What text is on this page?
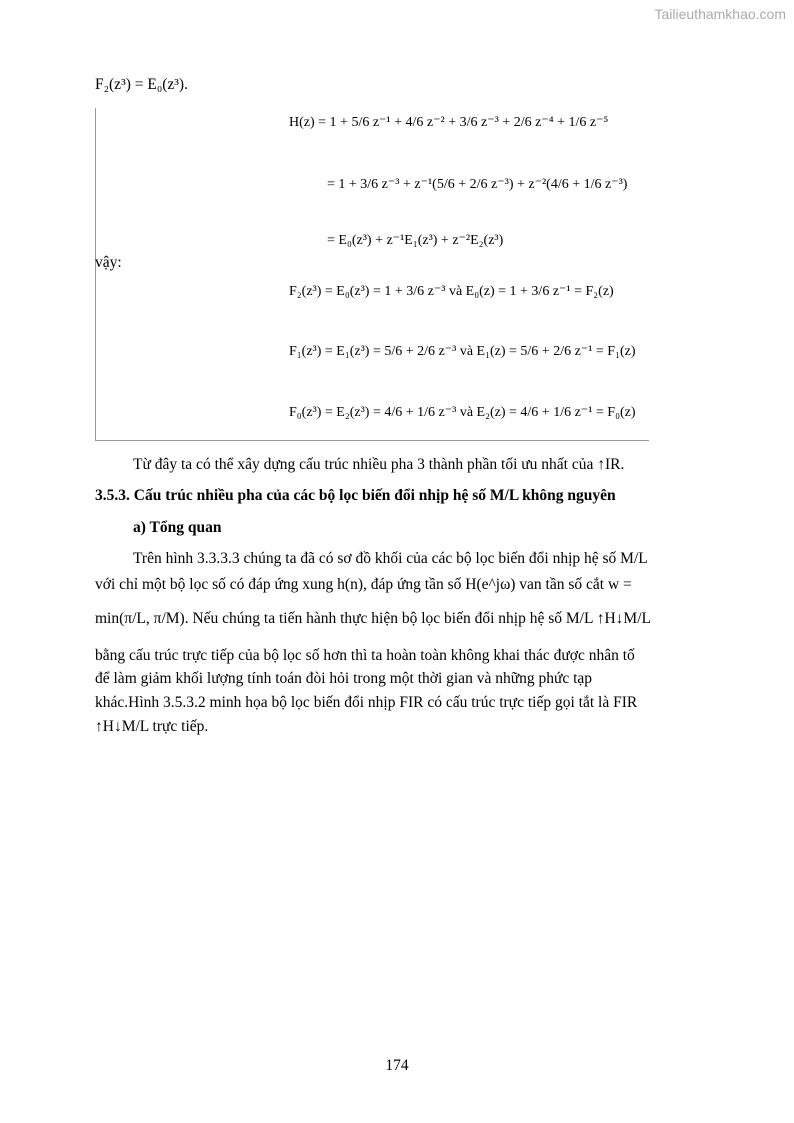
Tailieuthamkhao.com
F₂(z³) = E₀(z³).
vậy:
H(z) = 1 + 5/6 z⁻¹ + 4/6 z⁻² + 3/6 z⁻³ + 2/6 z⁻⁴ + 1/6 z⁻⁵
= 1 + 3/6 z⁻³ + z⁻¹(5/6 + 2/6 z⁻³) + z⁻²(4/6 + 1/6 z⁻³)
= E₀(z³) + z⁻¹E₁(z³) + z⁻²E₂(z³)
F₂(z³) = E₀(z³) = 1 + 3/6 z⁻³ và E₀(z) = 1 + 3/6 z⁻¹ = F₂(z)
F₁(z³) = E₁(z³) = 5/6 + 2/6 z⁻³ và E₁(z) = 5/6 + 2/6 z⁻¹ = F₁(z)
F₀(z³) = E₂(z³) = 4/6 + 1/6 z⁻³ và E₂(z) = 4/6 + 1/6 z⁻¹ = F₀(z)
Từ đây ta có thể xây dựng cấu trúc nhiều pha 3 thành phần tối ưu nhất của ↑IR.
3.5.3. Cấu trúc nhiều pha của các bộ lọc biến đổi nhịp hệ số M/L không nguyên
a) Tổng quan
Trên hình 3.3.3.3 chúng ta đã có sơ đồ khối của các bộ lọc biến đổi nhịp hệ số M/L
với chỉ một bộ lọc số có đáp ứng xung h(n), đáp ứng tần số H(e^jω) van tần số cắt w =
min(π/L, π/M). Nếu chúng ta tiến hành thực hiện bộ lọc biến đổi nhịp hệ số M/L ↑H↓M/L
bằng cấu trúc trực tiếp của bộ lọc số hơn thì ta hoàn toàn không khai thác được nhân tố
để làm giảm khối lượng tính toán đòi hỏi trong một thời gian và những phức tạp
khác.Hình 3.5.3.2 minh họa bộ lọc biến đổi nhịp FIR có cấu trúc trực tiếp gọi tắt là FIR
↑H↓M/L trực tiếp.
174
